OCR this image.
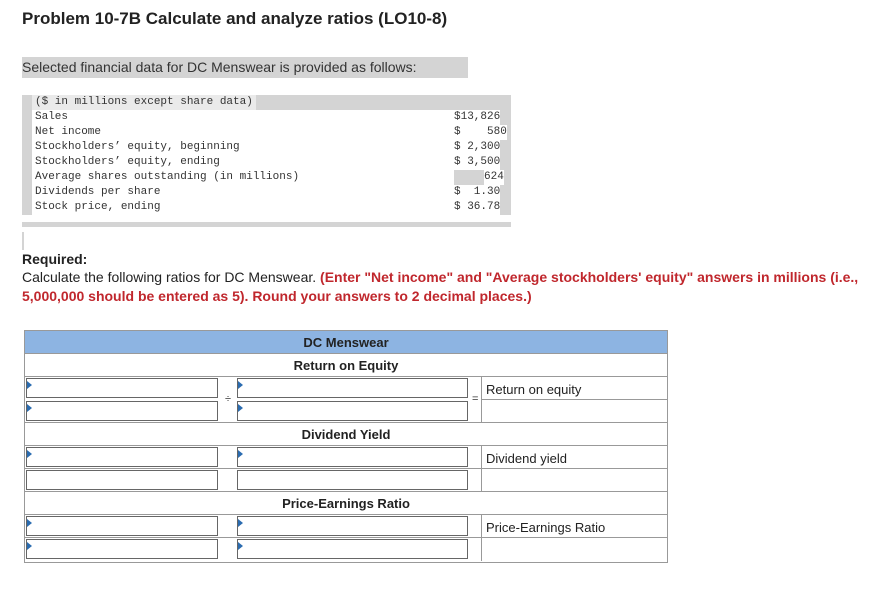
Problem 10-7B Calculate and analyze ratios (LO10-8)
Selected financial data for DC Menswear is provided as follows:
($ in millions except share data)
Sales	$13,826
Net income	$    580
Stockholders’ equity, beginning	$ 2,300
Stockholders’ equity, ending	$ 3,500
Average shares outstanding (in millions)	624
Dividends per share	$  1.30
Stock price, ending	$ 36.78
Required:
Calculate the following ratios for DC Menswear. (Enter "Net income" and "Average stockholders' equity" answers in millions (i.e.,
5,000,000 should be entered as 5). Round your answers to 2 decimal places.)
DC Menswear
Return on Equity
÷	=
Return on equity
Dividend Yield
Dividend yield
Price-Earnings Ratio
Price-Earnings Ratio
